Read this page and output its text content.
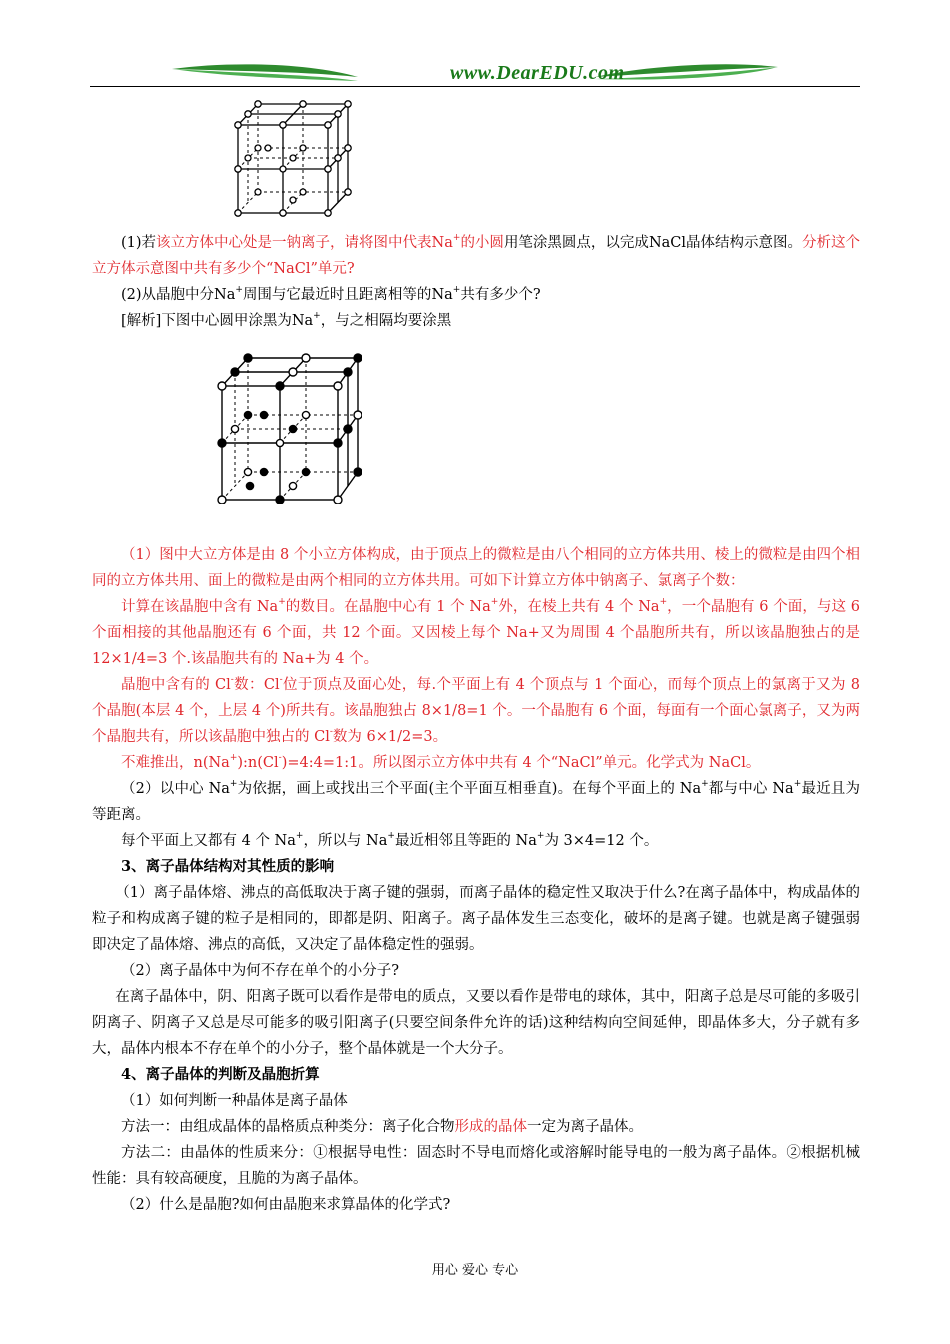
www.DearEDU.com

(1)若该立方体中心处是一钠离子，请将图中代表Na+的小圆用笔涂黑圆点，以完成NaCl晶体结构示意图。分析这个立方体示意图中共有多少个“NaCl”单元?

(2)从晶胞中分Na+周围与它最近时且距离相等的Na+共有多少个?

[解析]下图中心圆甲涂黑为Na+，与之相隔均要涂黑

（1）图中大立方体是由 8 个小立方体构成，由于顶点上的微粒是由八个相同的立方体共用、棱上的微粒是由四个相同的立方体共用、面上的微粒是由两个相同的立方体共用。可如下计算立方体中钠离子、氯离子个数：

计算在该晶胞中含有 Na+的数目。在晶胞中心有 1 个 Na+外，在棱上共有 4 个 Na+，一个晶胞有 6 个面，与这 6 个面相接的其他晶胞还有 6 个面，共 12 个面。又因棱上每个 Na+又为周围 4 个晶胞所共有，所以该晶胞独占的是 12×1/4=3 个.该晶胞共有的 Na+为 4 个。

晶胞中含有的 Cl-数：Cl-位于顶点及面心处，每.个平面上有 4 个顶点与 1 个面心，而每个顶点上的氯离于又为 8 个晶胞(本层 4 个，上层 4 个)所共有。该晶胞独占 8×1/8=1 个。一个晶胞有 6 个面，每面有一个面心氯离子，又为两个晶胞共有，所以该晶胞中独占的 Cl-数为 6×1/2=3。

不难推出，n(Na+):n(Cl-)=4:4=1:1。所以图示立方体中共有 4 个“NaCl”单元。化学式为 NaCl。

（2）以中心 Na+为依据，画上或找出三个平面(主个平面互相垂直)。在每个平面上的 Na+都与中心 Na+最近且为等距离。

每个平面上又都有 4 个 Na+，所以与 Na+最近相邻且等距的 Na+为 3×4=12 个。

3、离子晶体结构对其性质的影响

（1）离子晶体熔、沸点的高低取决于离子键的强弱，而离子晶体的稳定性又取决于什么?在离子晶体中，构成晶体的粒子和构成离子键的粒子是相同的，即都是阴、阳离子。离子晶体发生三态变化，破坏的是离子键。也就是离子键强弱即决定了晶体熔、沸点的高低，又决定了晶体稳定性的强弱。

（2）离子晶体中为何不存在单个的小分子?

在离子晶体中，阴、阳离子既可以看作是带电的质点，又要以看作是带电的球体，其中，阳离子总是尽可能的多吸引阴离子、阴离子又总是尽可能多的吸引阳离子(只要空间条件允许的话)这种结构向空间延伸，即晶体多大，分子就有多大，晶体内根本不存在单个的小分子，整个晶体就是一个大分子。

4、离子晶体的判断及晶胞折算

（1）如何判断一种晶体是离子晶体

方法一：由组成晶体的晶格质点种类分：离子化合物形成的晶体一定为离子晶体。

方法二：由晶体的性质来分：①根据导电性：固态时不导电而熔化或溶解时能导电的一般为离子晶体。②根据机械性能：具有较高硬度，且脆的为离子晶体。

（2）什么是晶胞?如何由晶胞来求算晶体的化学式?

用心 爱心 专心
